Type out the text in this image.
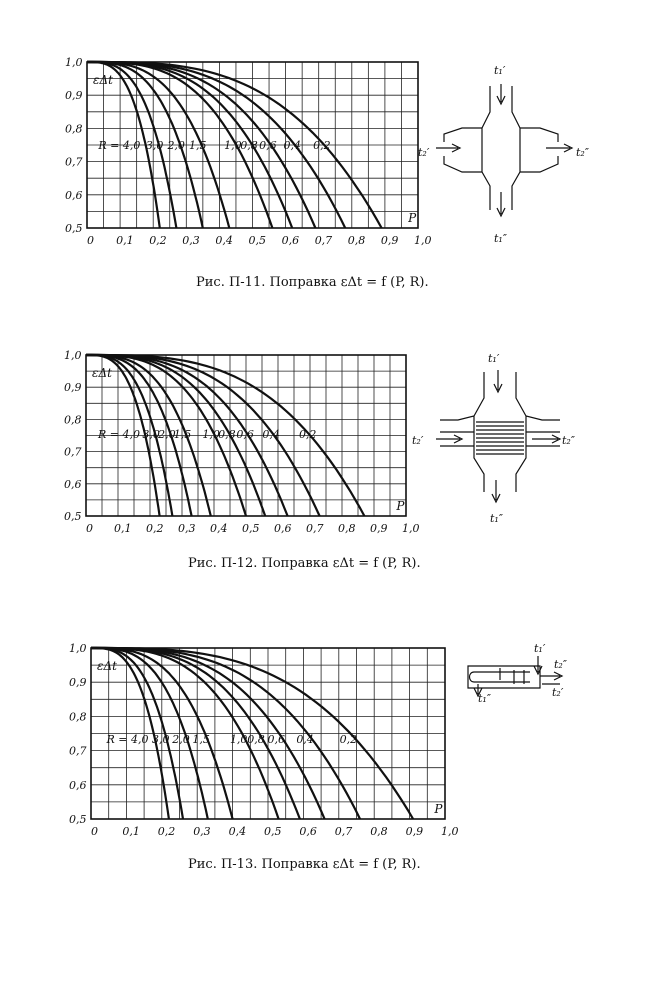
0 0,1 0,2 0,3 0,4 0,5 0,6 0,7 0,8 0,9 1,0
0,5
0,6
0,7
0,8
0,9
1,0
εΔt
P
R = 4,0 3,0 2,0 1,5 1,0
0,8 0,6 0,4 0,2
Рис. П-11. Поправка εΔt = f (P, R).
t₁′
t₁″
t₂′	t₂″
0 0,1 0,2 0,3 0,4 0,5 0,6 0,7 0,8 0,9 1,0
0,5
0,6
0,7
0,8
0,9
1,0
εΔt
P
R = 4,0 3,0
2,0
1,5 1,0
0,8 0,6 0,4 0,2
Рис. П-12. Поправка εΔt = f (P, R).
t₁′
t₁″
t₂′	t₂″
0 0,1 0,2 0,3 0,4 0,5 0,6 0,7 0,8 0,9 1,0
0,5
0,6
0,7
0,8
0,9
1,0
εΔt
P
R = 4,0 3,0 2,0 1,5 1,0 0,8 0,6 0,4 0,2
Рис. П-13. Поправка εΔt = f (P, R).
t₁′
t₁″	t₂′
t₂″
